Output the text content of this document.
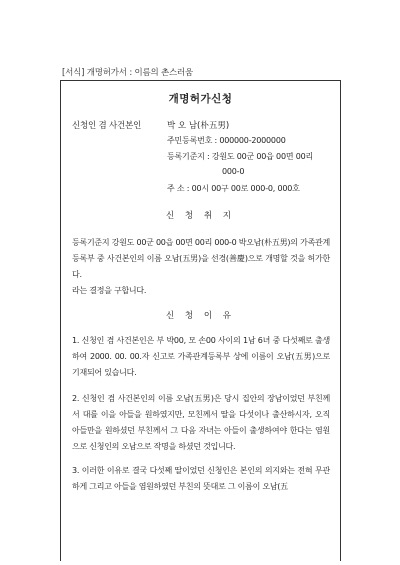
[서식] 개명허가서 : 이름의 촌스러움
개명허가신청
신청인 겸 사건본인	박 오 남(朴五男)
주민등록번호 : 000000-2000000
등록기준지 : 강원도 00군 00읍 00면 00리
000-0
주 소 : 00시 00구 00로 000-0, 000호
신 청 취 지

등록기준지 강원도 00군 00읍 00면 00리 000-0 박오남(朴五男)의 가족관계등록부 중 사건본인의 이름 오남(五男)을 선경(善慶)으로 개명할 것을 허가한다.

라는 결정을 구합니다.

신 청 이 유

1. 신청인 겸 사건본인은 부 박00, 모 손00 사이의 1남 6녀 중 다섯째로 출생하여 2000. 00. 00.자 신고로 가족관계등록부 상에 이름이 오남(五男)으로 기재되어 있습니다.

2. 신청인 겸 사건본인의 이름 오남(五男)은 당시 집안의 장남이었던 부친께서 대를 이을 아들을 원하였지만, 모친께서 딸을 다섯이나 출산하시자, 오직 아들만을 원하셨던 부친께서 그 다음 자녀는 아들이 출생하여야 한다는 염원으로 신청인의 오남으로 작명을 하셨던 것입니다.

3. 이러한 이유로 결국 다섯째 딸이었던 신청인은 본인의 의지와는 전혀 무관하게 그리고 아들을 염원하였던 부친의 뜻대로 그 이름이 오남(五
